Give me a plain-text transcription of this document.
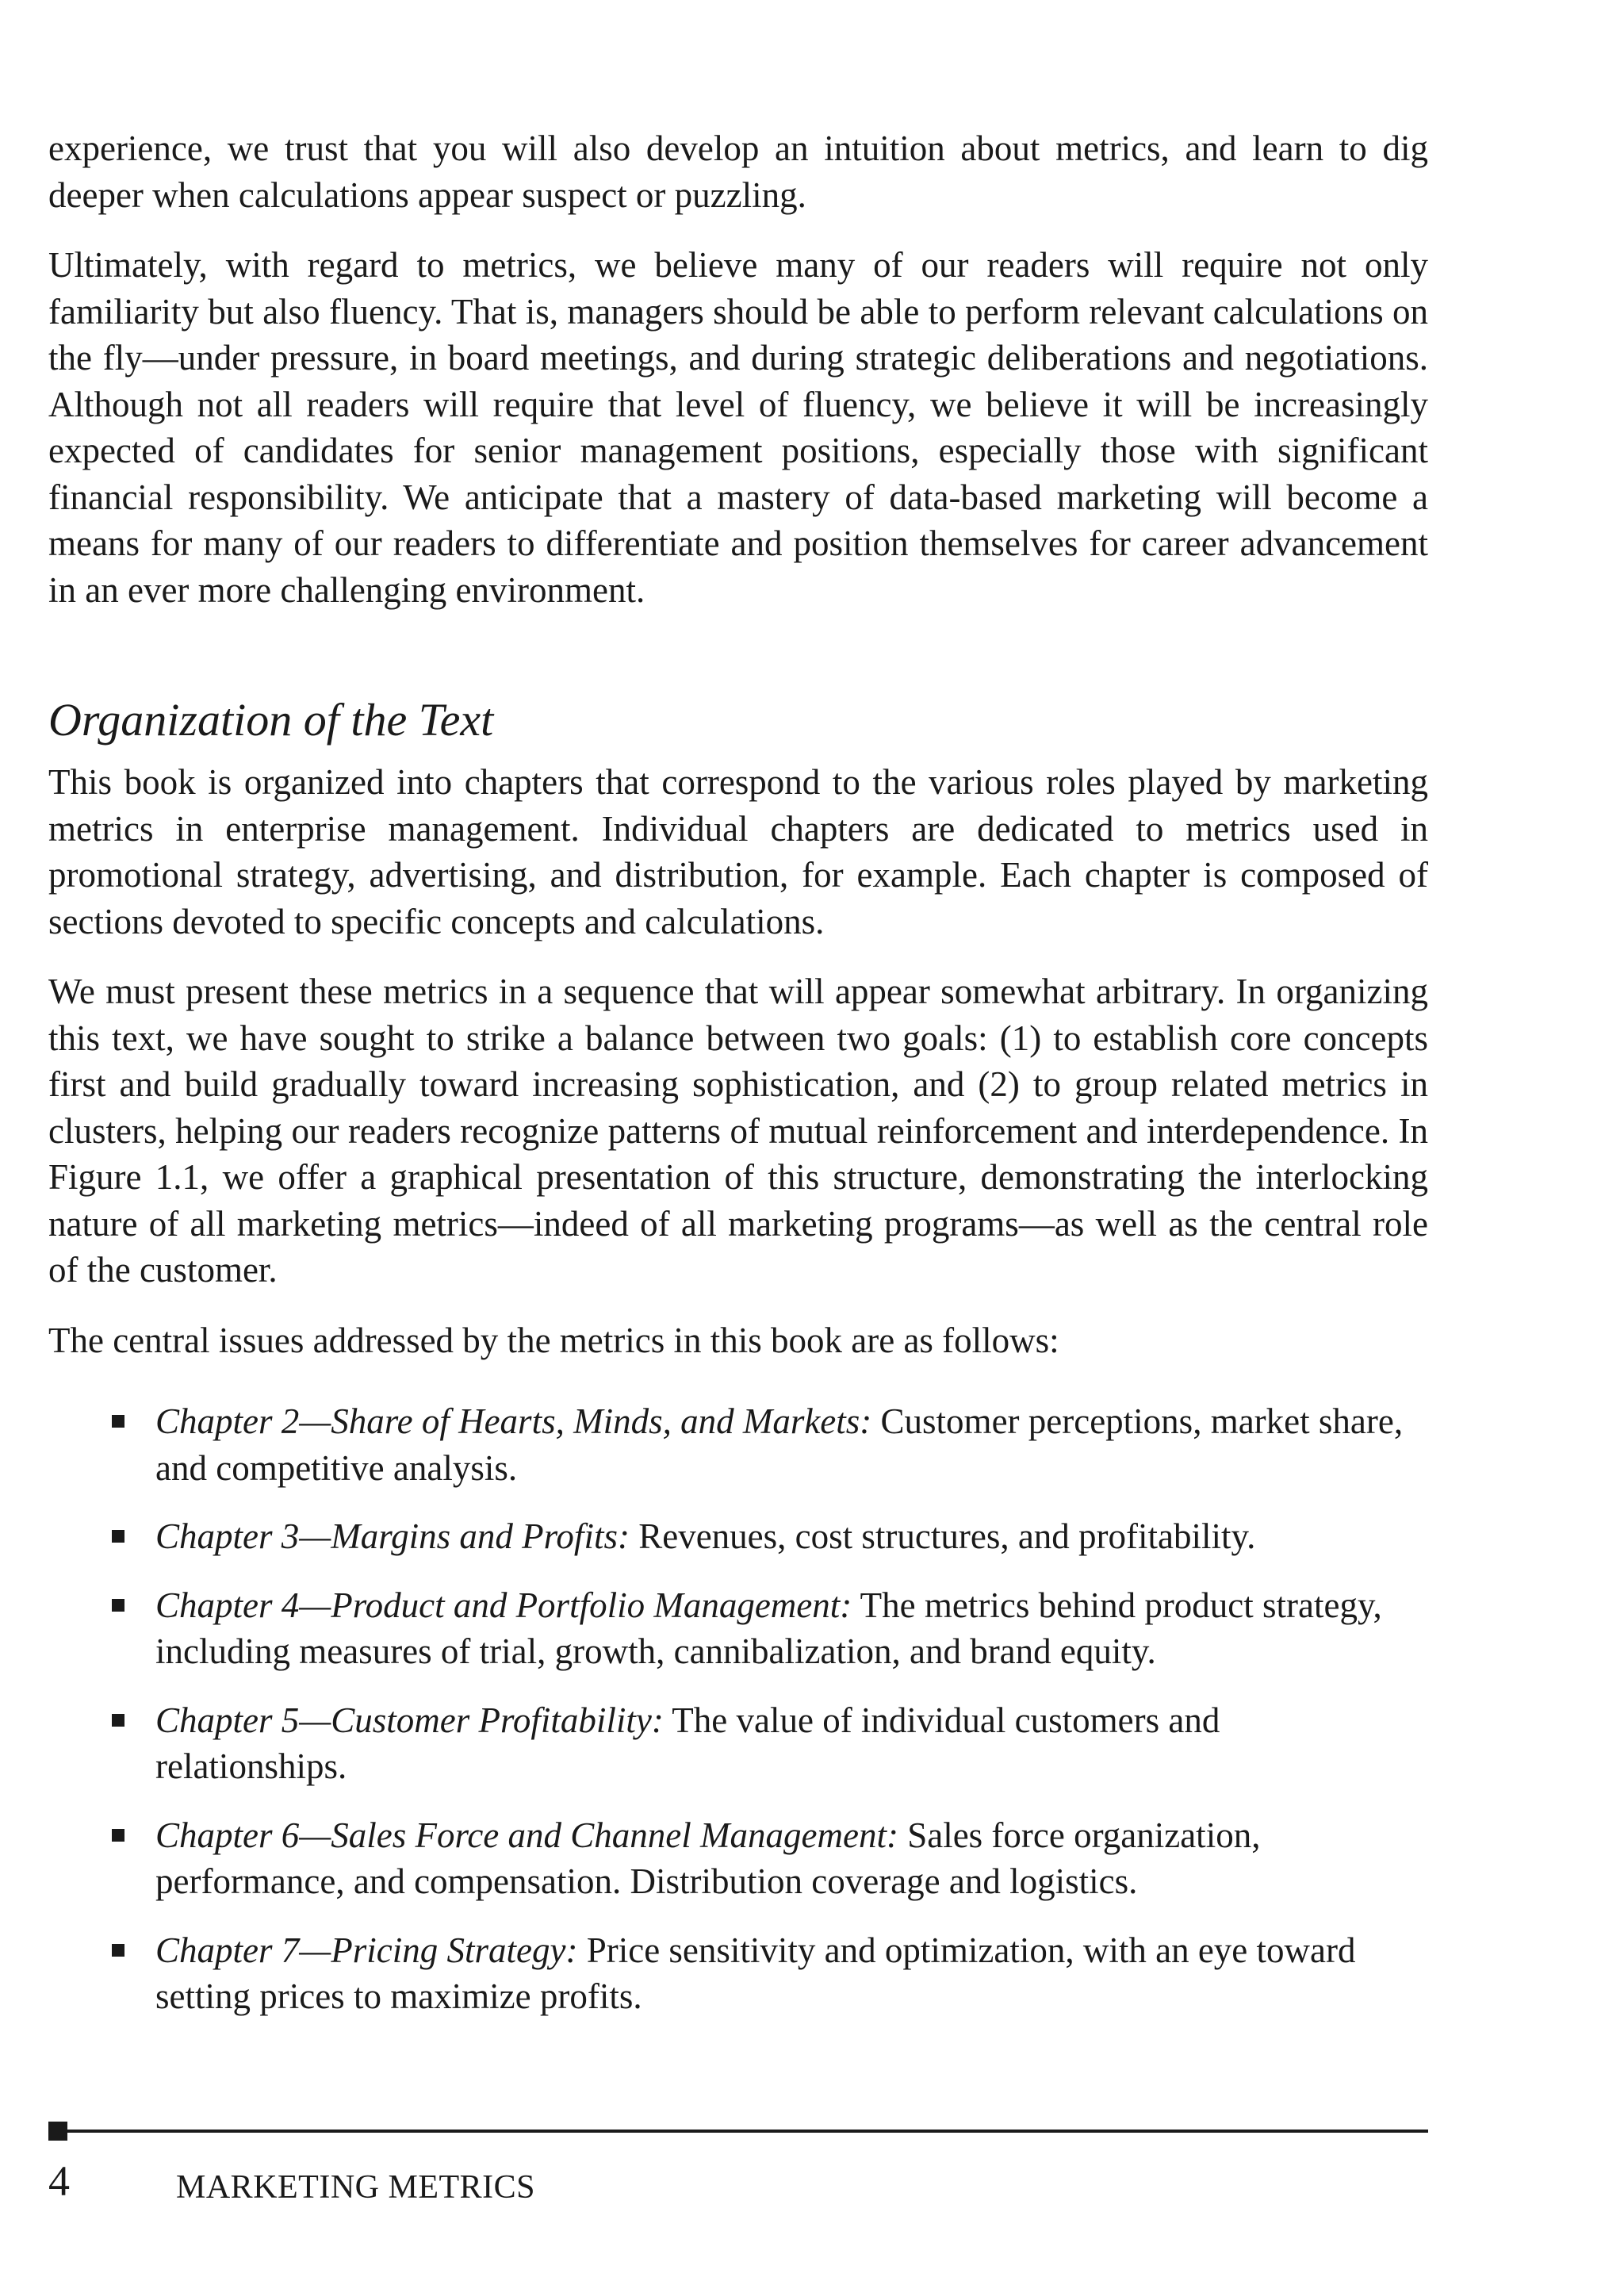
experience, we trust that you will also develop an intuition about metrics, and learn to dig deeper when calculations appear suspect or puzzling.

Ultimately, with regard to metrics, we believe many of our readers will require not only familiarity but also fluency. That is, managers should be able to perform relevant calculations on the fly—under pressure, in board meetings, and during strategic deliberations and negotiations. Although not all readers will require that level of fluency, we believe it will be increasingly expected of candidates for senior management positions, especially those with significant financial responsibility. We anticipate that a mastery of data-based marketing will become a means for many of our readers to differentiate and position themselves for career advancement in an ever more challenging environment.

Organization of the Text

This book is organized into chapters that correspond to the various roles played by marketing metrics in enterprise management. Individual chapters are dedicated to metrics used in promotional strategy, advertising, and distribution, for example. Each chapter is composed of sections devoted to specific concepts and calculations.

We must present these metrics in a sequence that will appear somewhat arbitrary. In organizing this text, we have sought to strike a balance between two goals: (1) to establish core concepts first and build gradually toward increasing sophistication, and (2) to group related metrics in clusters, helping our readers recognize patterns of mutual reinforcement and interdependence. In Figure 1.1, we offer a graphical presentation of this structure, demonstrating the interlocking nature of all marketing metrics—indeed of all marketing programs—as well as the central role of the customer.

The central issues addressed by the metrics in this book are as follows:

Chapter 2—Share of Hearts, Minds, and Markets: Customer perceptions, market share, and competitive analysis.
Chapter 3—Margins and Profits: Revenues, cost structures, and profitability.
Chapter 4—Product and Portfolio Management: The metrics behind product strategy, including measures of trial, growth, cannibalization, and brand equity.
Chapter 5—Customer Profitability: The value of individual customers and relationships.
Chapter 6—Sales Force and Channel Management: Sales force organization, performance, and compensation. Distribution coverage and logistics.
Chapter 7—Pricing Strategy: Price sensitivity and optimization, with an eye toward setting prices to maximize profits.
4	MARKETING METRICS
